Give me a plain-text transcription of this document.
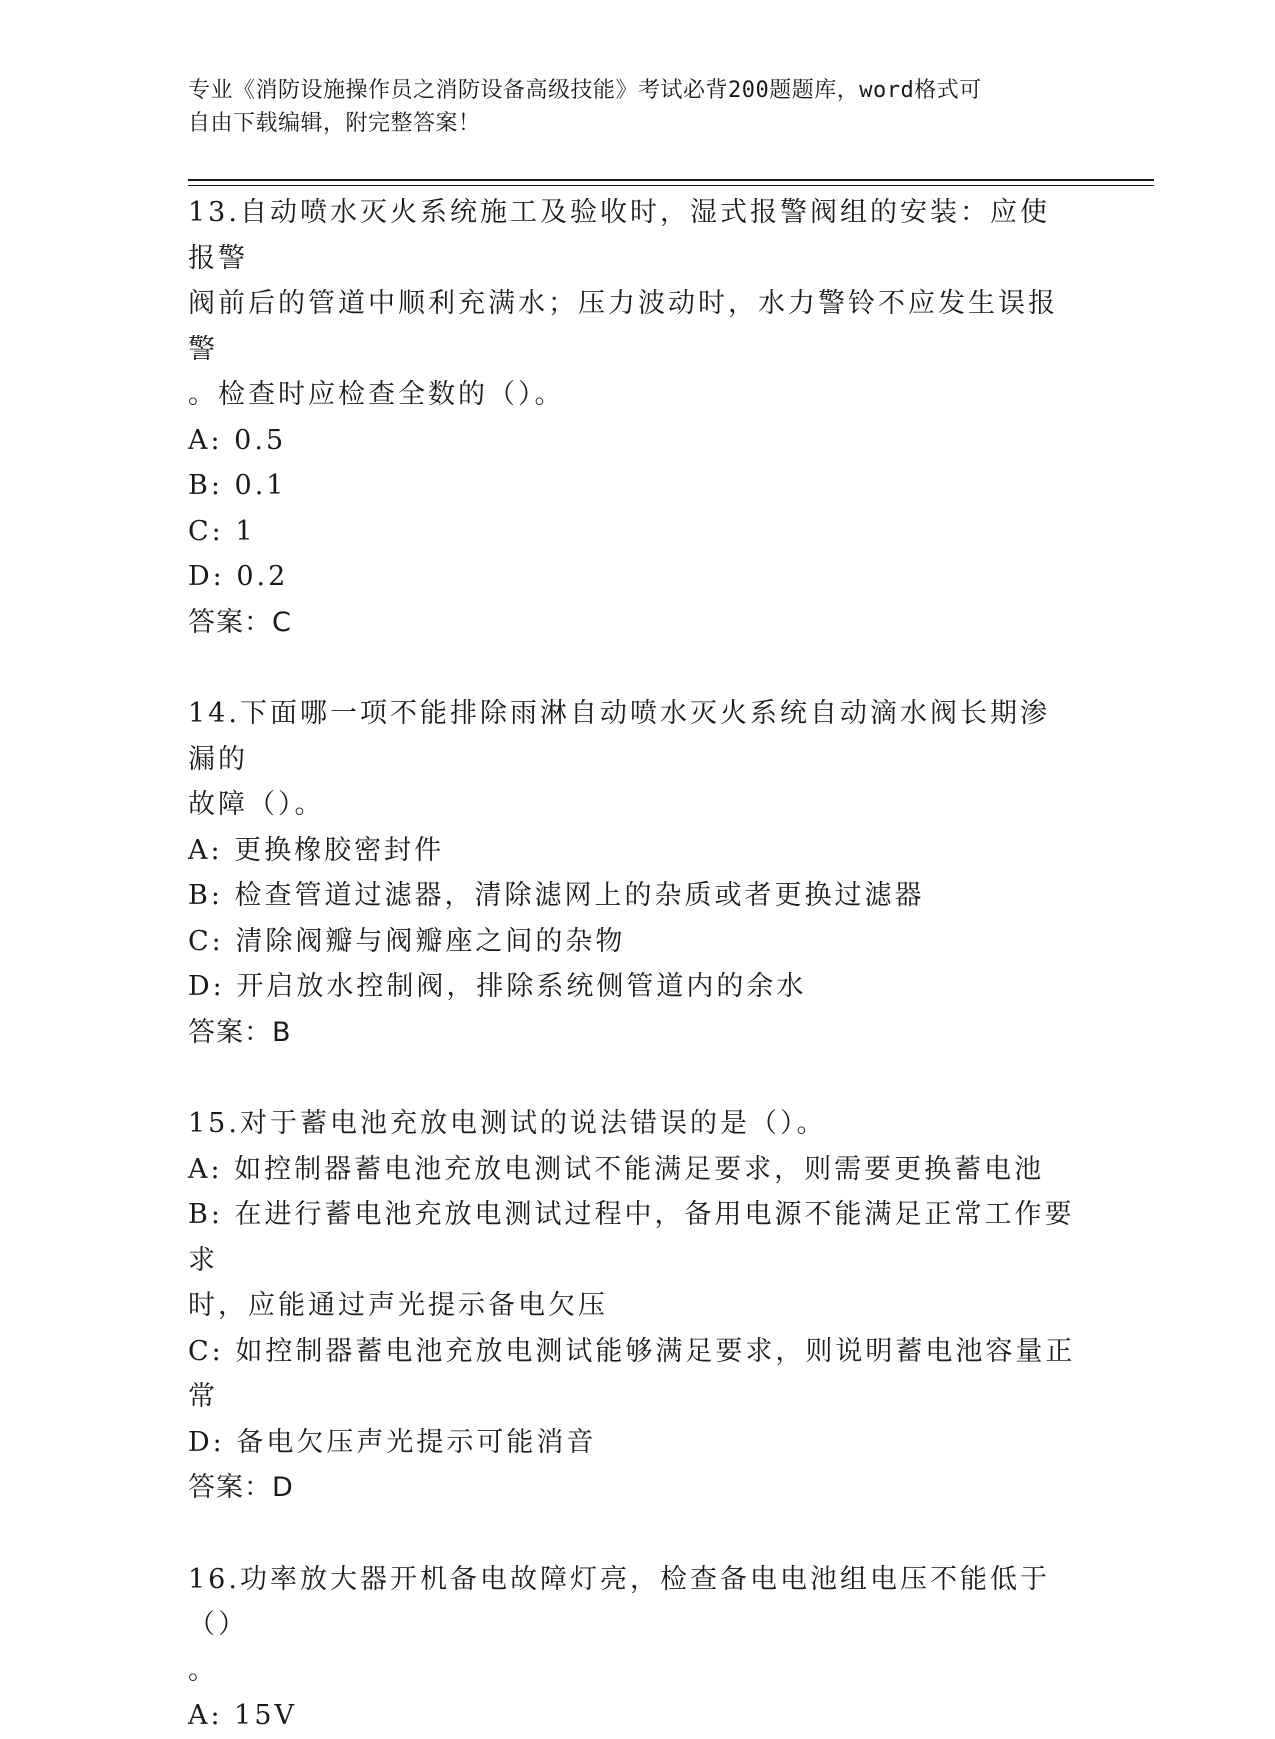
专业《消防设施操作员之消防设备高级技能》考试必背200题题库，word格式可
自由下载编辑，附完整答案！
13.自动喷水灭火系统施工及验收时，湿式报警阀组的安装：应使报警
阀前后的管道中顺利充满水；压力波动时，水力警铃不应发生误报警
。检查时应检查全数的（）。
A: 0.5
B: 0.1
C: 1
D: 0.2
答案：C
14.下面哪一项不能排除雨淋自动喷水灭火系统自动滴水阀长期渗漏的
故障（）。
A: 更换橡胶密封件
B: 检查管道过滤器，清除滤网上的杂质或者更换过滤器
C: 清除阀瓣与阀瓣座之间的杂物
D: 开启放水控制阀，排除系统侧管道内的余水
答案：B
15.对于蓄电池充放电测试的说法错误的是（）。
A: 如控制器蓄电池充放电测试不能满足要求，则需要更换蓄电池
B: 在进行蓄电池充放电测试过程中，备用电源不能满足正常工作要求
时，应能通过声光提示备电欠压
C: 如控制器蓄电池充放电测试能够满足要求，则说明蓄电池容量正常
D: 备电欠压声光提示可能消音
答案：D
16.功率放大器开机备电故障灯亮，检查备电电池组电压不能低于（）
。
A: 15V
